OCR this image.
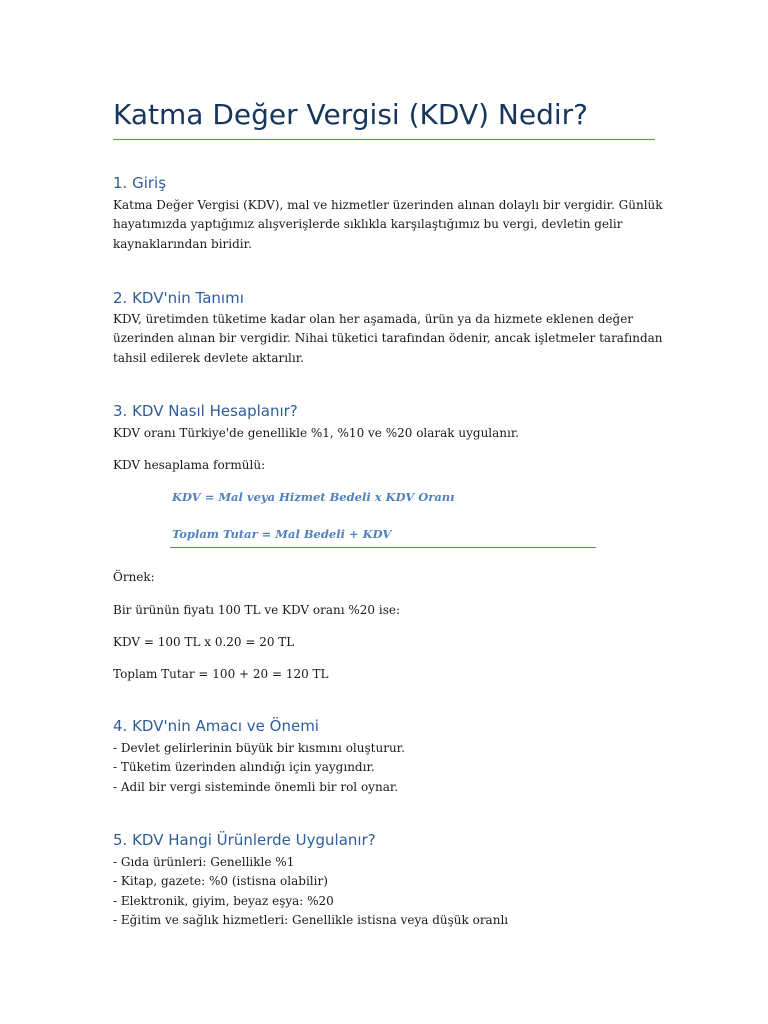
Katma Değer Vergisi (KDV) Nedir?
1. Giriş
Katma Değer Vergisi (KDV), mal ve hizmetler üzerinden alınan dolaylı bir vergidir. Günlük
hayatımızda yaptığımız alışverişlerde sıklıkla karşılaştığımız bu vergi, devletin gelir
kaynaklarından biridir.
2. KDV'nin Tanımı
KDV, üretimden tüketime kadar olan her aşamada, ürün ya da hizmete eklenen değer
üzerinden alınan bir vergidir. Nihai tüketici tarafından ödenir, ancak işletmeler tarafından
tahsil edilerek devlete aktarılır.
3. KDV Nasıl Hesaplanır?

KDV oranı Türkiye'de genellikle %1, %10 ve %20 olarak uygulanır.

KDV hesaplama formülü:

KDV = Mal veya Hizmet Bedeli x KDV Oranı

Toplam Tutar = Mal Bedeli + KDV

Örnek:

Bir ürünün fiyatı 100 TL ve KDV oranı %20 ise:

KDV = 100 TL x 0.20 = 20 TL

Toplam Tutar = 100 + 20 = 120 TL

4. KDV'nin Amacı ve Önemi
- Devlet gelirlerinin büyük bir kısmını oluşturur.
- Tüketim üzerinden alındığı için yaygındır.
- Adil bir vergi sisteminde önemli bir rol oynar.
5. KDV Hangi Ürünlerde Uygulanır?
- Gıda ürünleri: Genellikle %1
- Kitap, gazete: %0 (istisna olabilir)
- Elektronik, giyim, beyaz eşya: %20
- Eğitim ve sağlık hizmetleri: Genellikle istisna veya düşük oranlı
